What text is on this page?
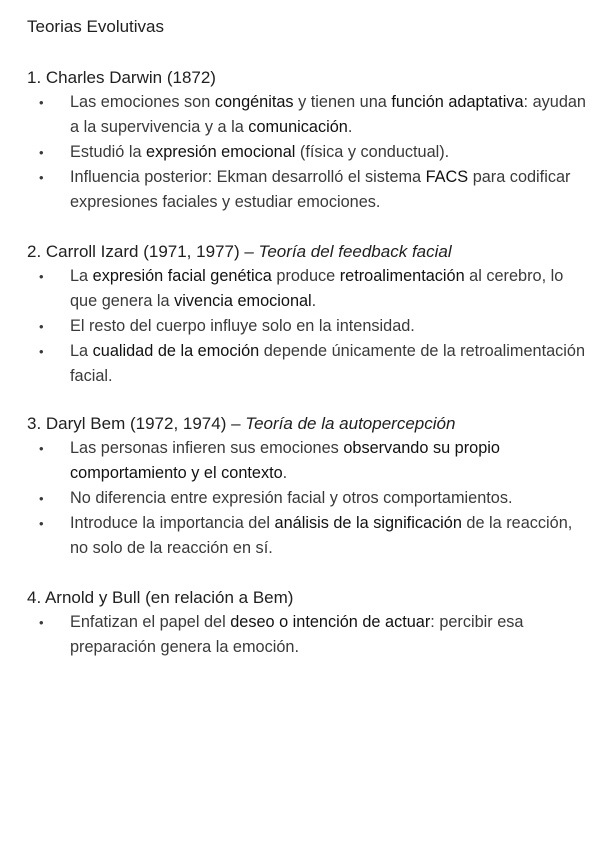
Teorias Evolutivas
1. Charles Darwin (1872)
• Las emociones son congénitas y tienen una función adaptativa: ayudan a la supervivencia y a la comunicación.
• Estudió la expresión emocional (física y conductual).
• Influencia posterior: Ekman desarrolló el sistema FACS para codificar expresiones faciales y estudiar emociones.
2. Carroll Izard (1971, 1977) – Teoría del feedback facial
• La expresión facial genética produce retroalimentación al cerebro, lo que genera la vivencia emocional.
• El resto del cuerpo influye solo en la intensidad.
• La cualidad de la emoción depende únicamente de la retroalimentación facial.
3. Daryl Bem (1972, 1974) – Teoría de la autopercepción
• Las personas infieren sus emociones observando su propio comportamiento y el contexto.
• No diferencia entre expresión facial y otros comportamientos.
• Introduce la importancia del análisis de la significación de la reacción, no solo de la reacción en sí.
4. Arnold y Bull (en relación a Bem)
• Enfatizan el papel del deseo o intención de actuar: percibir esa preparación genera la emoción.
